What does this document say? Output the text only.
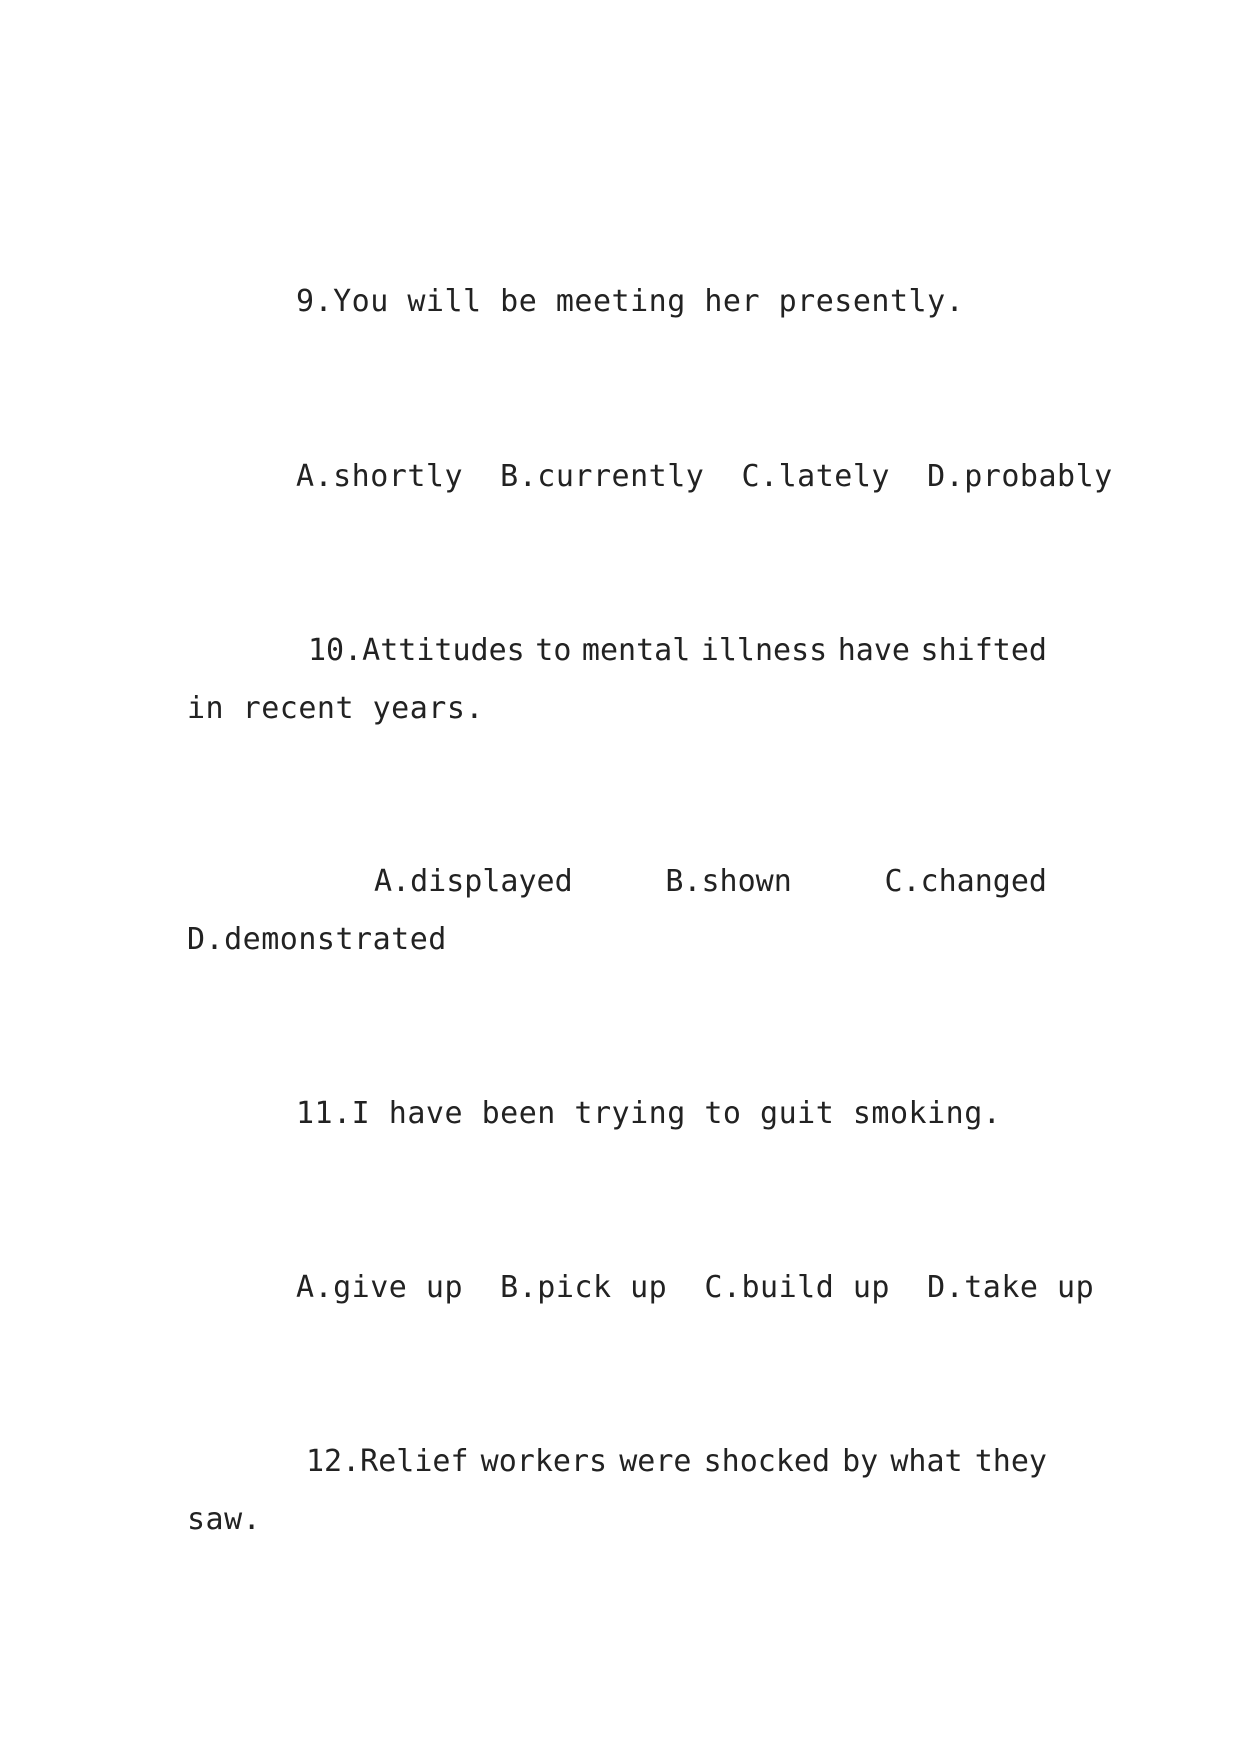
9.You will be meeting her presently.
A.shortly  B.currently  C.lately  D.probably
10.Attitudes to mental illness have shifted
in recent years.
A.displayed	B.shown	C.changed
D.demonstrated
11.I have been trying to guit smoking.
A.give up  B.pick up  C.build up  D.take up
12.Relief workers were shocked by what they
saw.
